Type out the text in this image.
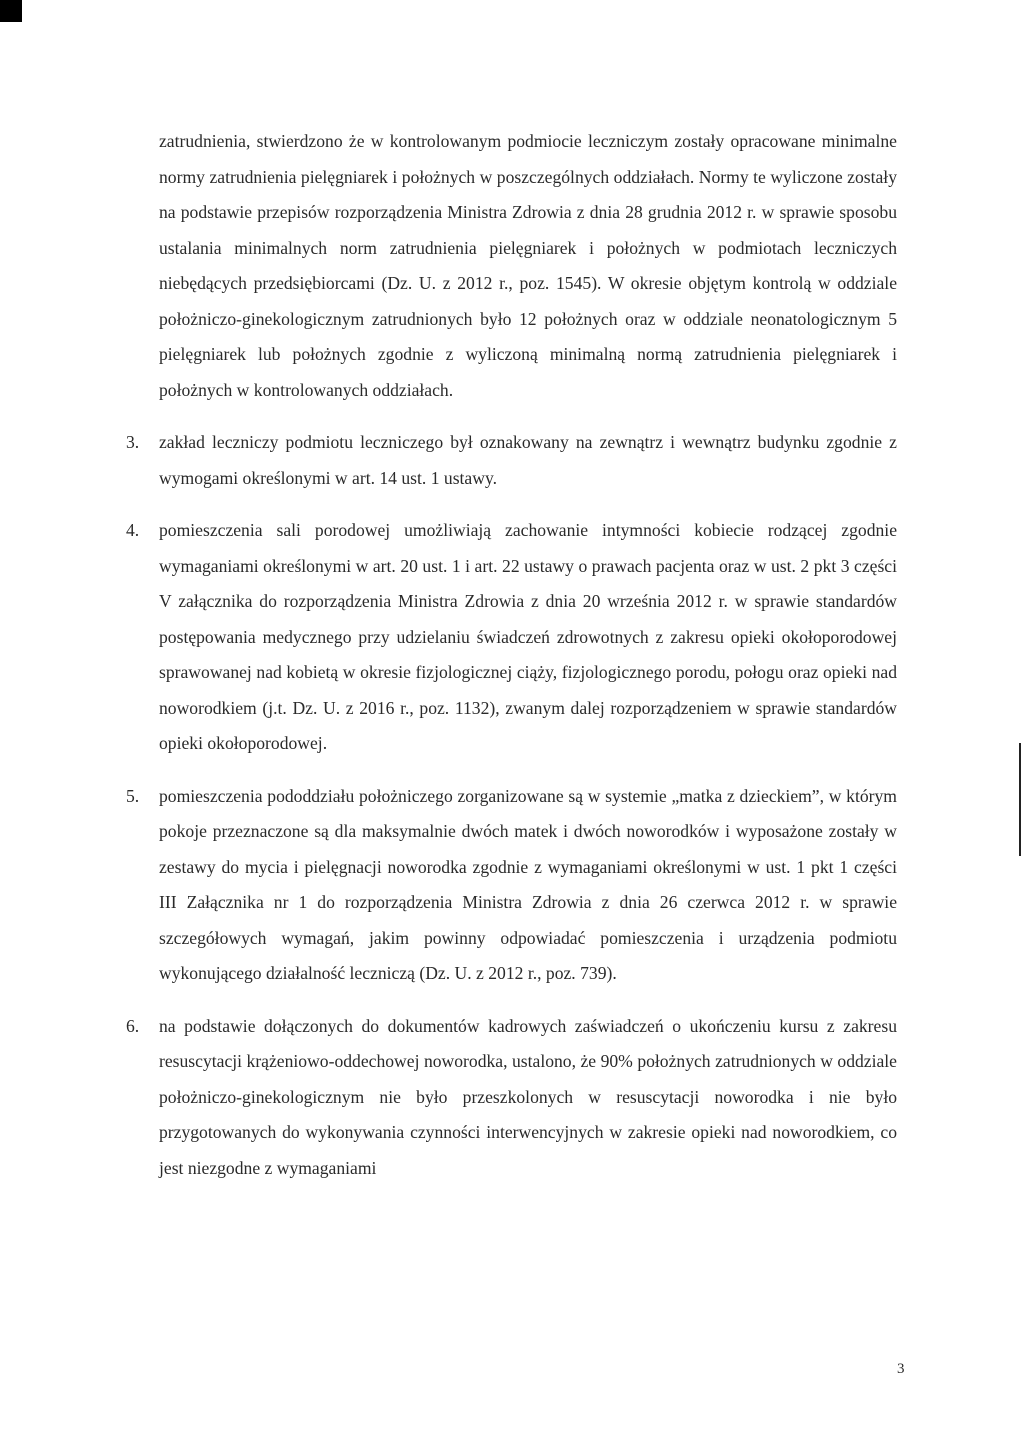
zatrudnienia, stwierdzono że w kontrolowanym podmiocie leczniczym zostały opracowane minimalne normy zatrudnienia pielęgniarek i położnych w poszczególnych oddziałach. Normy te wyliczone zostały na podstawie przepisów rozporządzenia Ministra Zdrowia z dnia 28 grudnia 2012 r. w sprawie sposobu ustalania minimalnych norm zatrudnienia pielęgniarek i położnych w podmiotach leczniczych niebędących przedsiębiorcami (Dz. U. z 2012 r., poz. 1545). W okresie objętym kontrolą w oddziale położniczo-ginekologicznym zatrudnionych było 12 położnych oraz w oddziale neonatologicznym 5 pielęgniarek lub położnych zgodnie z wyliczoną minimalną normą zatrudnienia pielęgniarek i położnych w kontrolowanych oddziałach.

3. zakład leczniczy podmiotu leczniczego był oznakowany na zewnątrz i wewnątrz budynku zgodnie z wymogami określonymi w art. 14 ust. 1 ustawy.

4. pomieszczenia sali porodowej umożliwiają zachowanie intymności kobiecie rodzącej zgodnie wymaganiami określonymi w art. 20 ust. 1 i art. 22 ustawy o prawach pacjenta oraz w ust. 2 pkt 3 części V załącznika do rozporządzenia Ministra Zdrowia z dnia 20 września 2012 r. w sprawie standardów postępowania medycznego przy udzielaniu świadczeń zdrowotnych z zakresu opieki okołoporodowej sprawowanej nad kobietą w okresie fizjologicznej ciąży, fizjologicznego porodu, połogu oraz opieki nad noworodkiem (j.t. Dz. U. z 2016 r., poz. 1132), zwanym dalej rozporządzeniem w sprawie standardów opieki okołoporodowej.

5. pomieszczenia pododdziału położniczego zorganizowane są w systemie „matka z dzieckiem”, w którym pokoje przeznaczone są dla maksymalnie dwóch matek i dwóch noworodków i wyposażone zostały w zestawy do mycia i pielęgnacji noworodka zgodnie z wymaganiami określonymi w ust. 1 pkt 1 części III Załącznika nr 1 do rozporządzenia Ministra Zdrowia z dnia 26 czerwca 2012 r. w sprawie szczegółowych wymagań, jakim powinny odpowiadać pomieszczenia i urządzenia podmiotu wykonującego działalność leczniczą (Dz. U. z 2012 r., poz. 739).

6. na podstawie dołączonych do dokumentów kadrowych zaświadczeń o ukończeniu kursu z zakresu resuscytacji krążeniowo-oddechowej noworodka, ustalono, że 90% położnych zatrudnionych w oddziale położniczo-ginekologicznym nie było przeszkolonych w resuscytacji noworodka i nie było przygotowanych do wykonywania czynności interwencyjnych w zakresie opieki nad noworodkiem, co jest niezgodne z wymaganiami

3
